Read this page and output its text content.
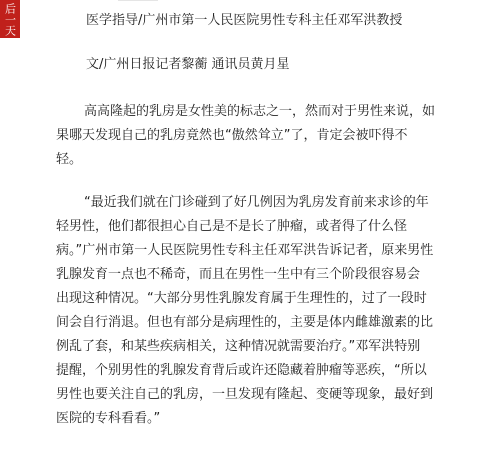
后一天	医学指导/广州市第一人民医院男性专科主任邓军洪教授
文/广州日报记者黎蘅 通讯员黄月星
高高隆起的乳房是女性美的标志之一，然而对于男性来说，如
果哪天发现自己的乳房竟然也“傲然耸立”了，肯定会被吓得不
轻。
“最近我们就在门诊碰到了好几例因为乳房发育前来求诊的年
轻男性，他们都很担心自己是不是长了肿瘤，或者得了什么怪
病。”广州市第一人民医院男性专科主任邓军洪告诉记者，原来男性
乳腺发育一点也不稀奇，而且在男性一生中有三个阶段很容易会
出现这种情况。“大部分男性乳腺发育属于生理性的，过了一段时
间会自行消退。但也有部分是病理性的，主要是体内雌雄激素的比
例乱了套，和某些疾病相关，这种情况就需要治疗。”邓军洪特别
提醒，个别男性的乳腺发育背后或许还隐藏着肿瘤等恶疾，“所以
男性也要关注自己的乳房，一旦发现有隆起、变硬等现象，最好到
医院的专科看看。”
